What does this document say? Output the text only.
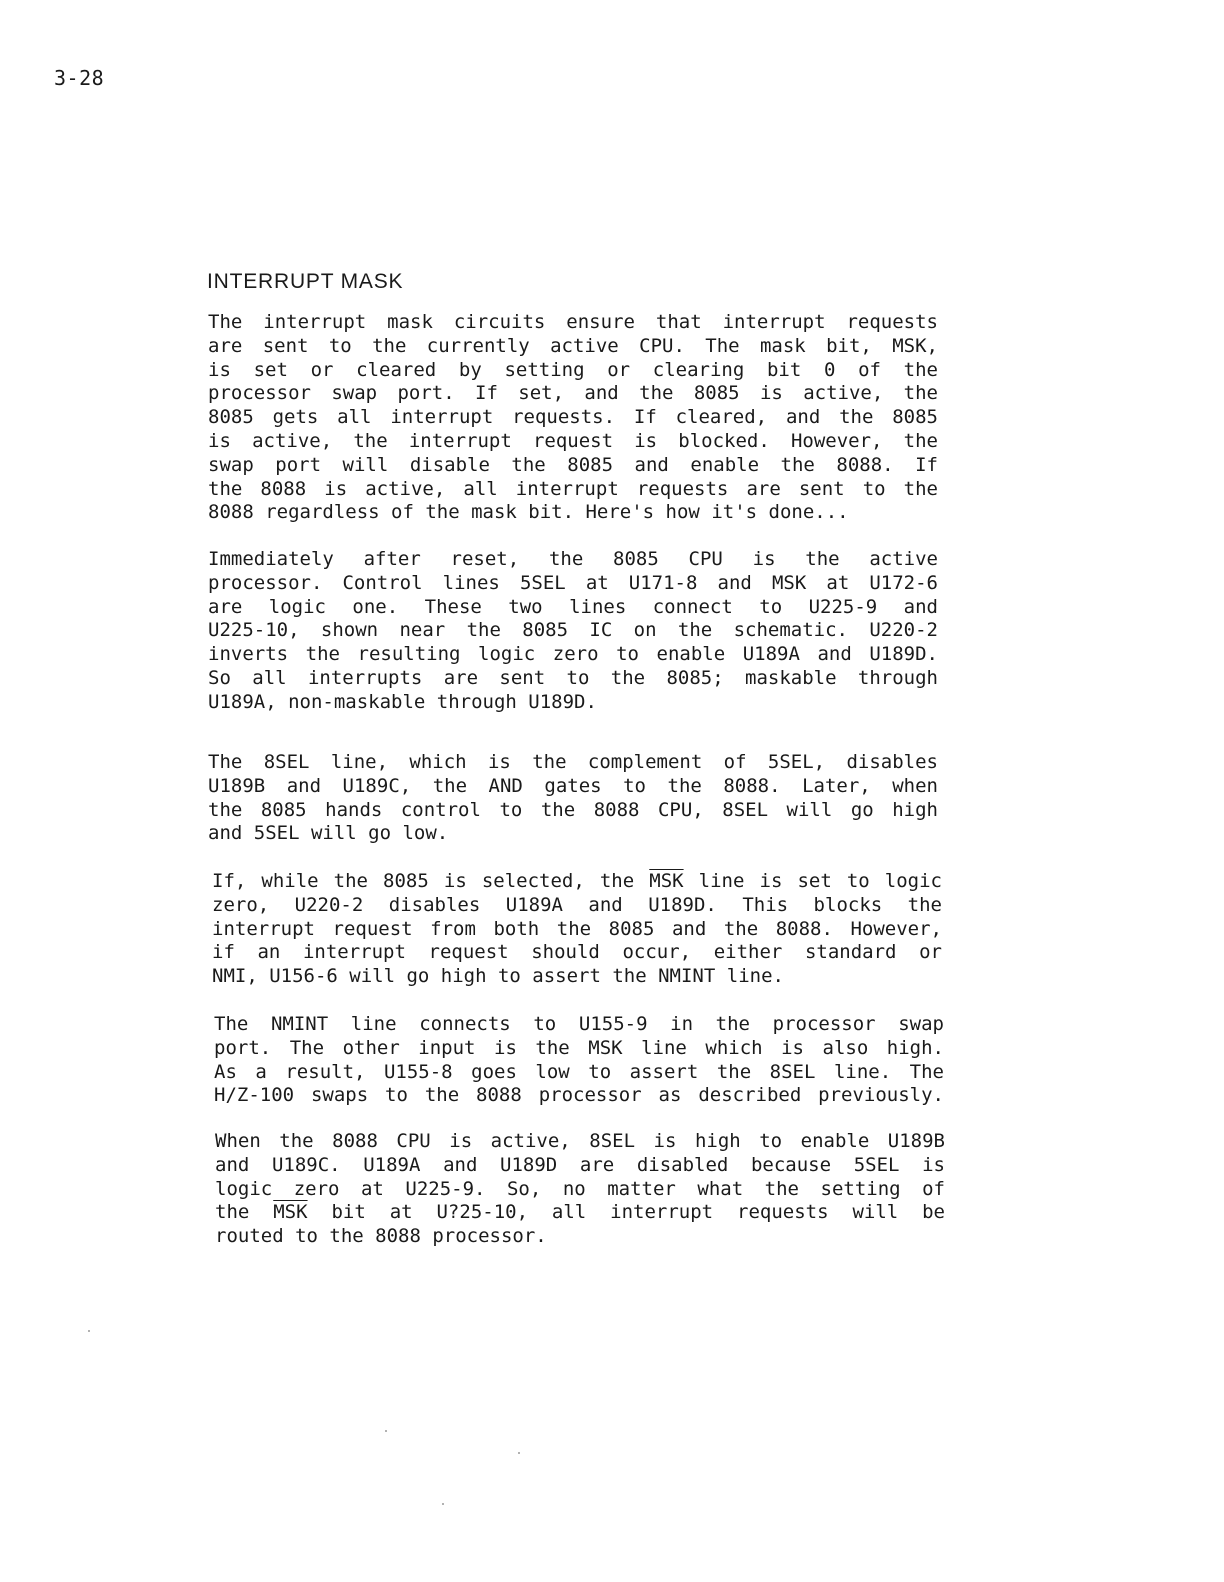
3-28
INTERRUPT MASK
The interrupt mask circuits ensure that interrupt requests
are sent to the currently active CPU. The mask bit, MSK,
is set or cleared by setting or clearing bit 0 of the
processor swap port. If set, and the 8085 is active, the
8085 gets all interrupt requests. If cleared, and the 8085
is active, the interrupt request is blocked. However, the
swap port will disable the 8085 and enable the 8088. If
the 8088 is active, all interrupt requests are sent to the
8088 regardless of the mask bit. Here's how it's done...
Immediately after reset, the 8085 CPU is the active
processor. Control lines 5SEL at U171-8 and MSK at U172-6
are logic one. These two lines connect to U225-9 and
U225-10, shown near the 8085 IC on the schematic. U220-2
inverts the resulting logic zero to enable U189A and U189D.
So all interrupts are sent to the 8085; maskable through
U189A, non-maskable through U189D.
The 8SEL line, which is the complement of 5SEL, disables
U189B and U189C, the AND gates to the 8088. Later, when
the 8085 hands control to the 8088 CPU, 8SEL will go high
and 5SEL will go low.
If, while the 8085 is selected, the $\overline{MSK}$ line is set to logic
zero, U220-2 disables U189A and U189D. This blocks the
interrupt request from both the 8085 and the 8088. However,
if an interrupt request should occur, either standard or
NMI, U156-6 will go high to assert the NMINT line.
The NMINT line connects to U155-9 in the processor swap
port. The other input is the MSK line which is also high.
As a result, U155-8 goes low to assert the 8SEL line. The
H/Z-100 swaps to the 8088 processor as described previously.
When the 8088 CPU is active, 8SEL is high to enable U189B
and U189C. U189A and U189D are disabled because 5SEL is
logic zero at U225-9. So, no matter what the setting of
the $\overline{MSK}$ bit at U?25-10, all interrupt requests will be
routed to the 8088 processor.
